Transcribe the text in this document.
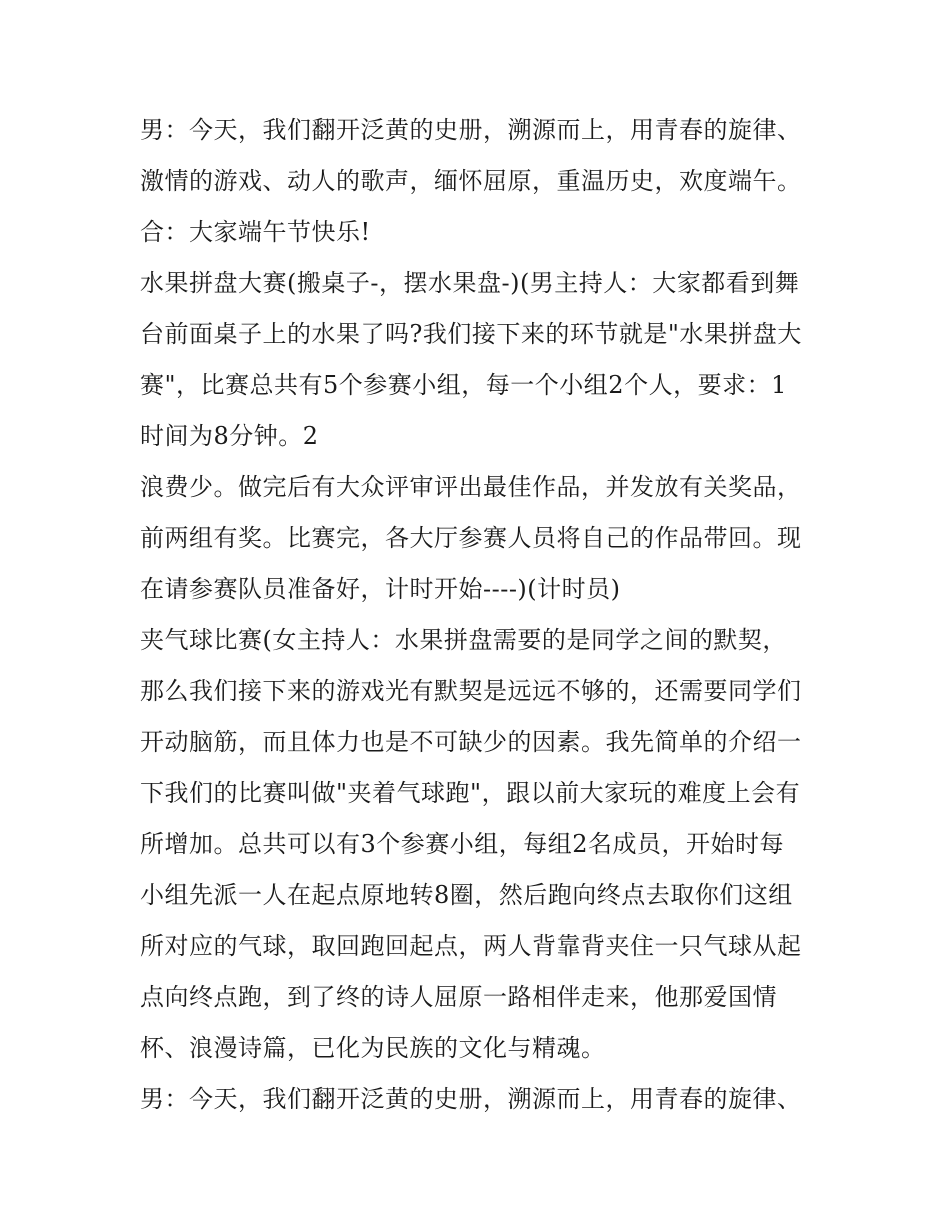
男：今天，我们翻开泛黄的史册，溯源而上，用青春的旋律、
激情的游戏、动人的歌声，缅怀屈原，重温历史，欢度端午。
合：大家端午节快乐!
水果拼盘大赛(搬桌子-，摆水果盘-)(男主持人：大家都看到舞
台前面桌子上的水果了吗?我们接下来的环节就是"水果拼盘大
赛"，比赛总共有5个参赛小组，每一个小组2个人，要求：1
时间为8分钟。2
浪费少。做完后有大众评审评出最佳作品，并发放有关奖品，
前两组有奖。比赛完，各大厅参赛人员将自己的作品带回。现
在请参赛队员准备好，计时开始----)(计时员)
夹气球比赛(女主持人：水果拼盘需要的是同学之间的默契，
那么我们接下来的游戏光有默契是远远不够的，还需要同学们
开动脑筋，而且体力也是不可缺少的因素。我先简单的介绍一
下我们的比赛叫做"夹着气球跑"，跟以前大家玩的难度上会有
所增加。总共可以有3个参赛小组，每组2名成员，开始时每
小组先派一人在起点原地转8圈，然后跑向终点去取你们这组
所对应的气球，取回跑回起点，两人背靠背夹住一只气球从起
点向终点跑，到了终的诗人屈原一路相伴走来，他那爱国情
杯、浪漫诗篇，已化为民族的文化与精魂。
男：今天，我们翻开泛黄的史册，溯源而上，用青春的旋律、
